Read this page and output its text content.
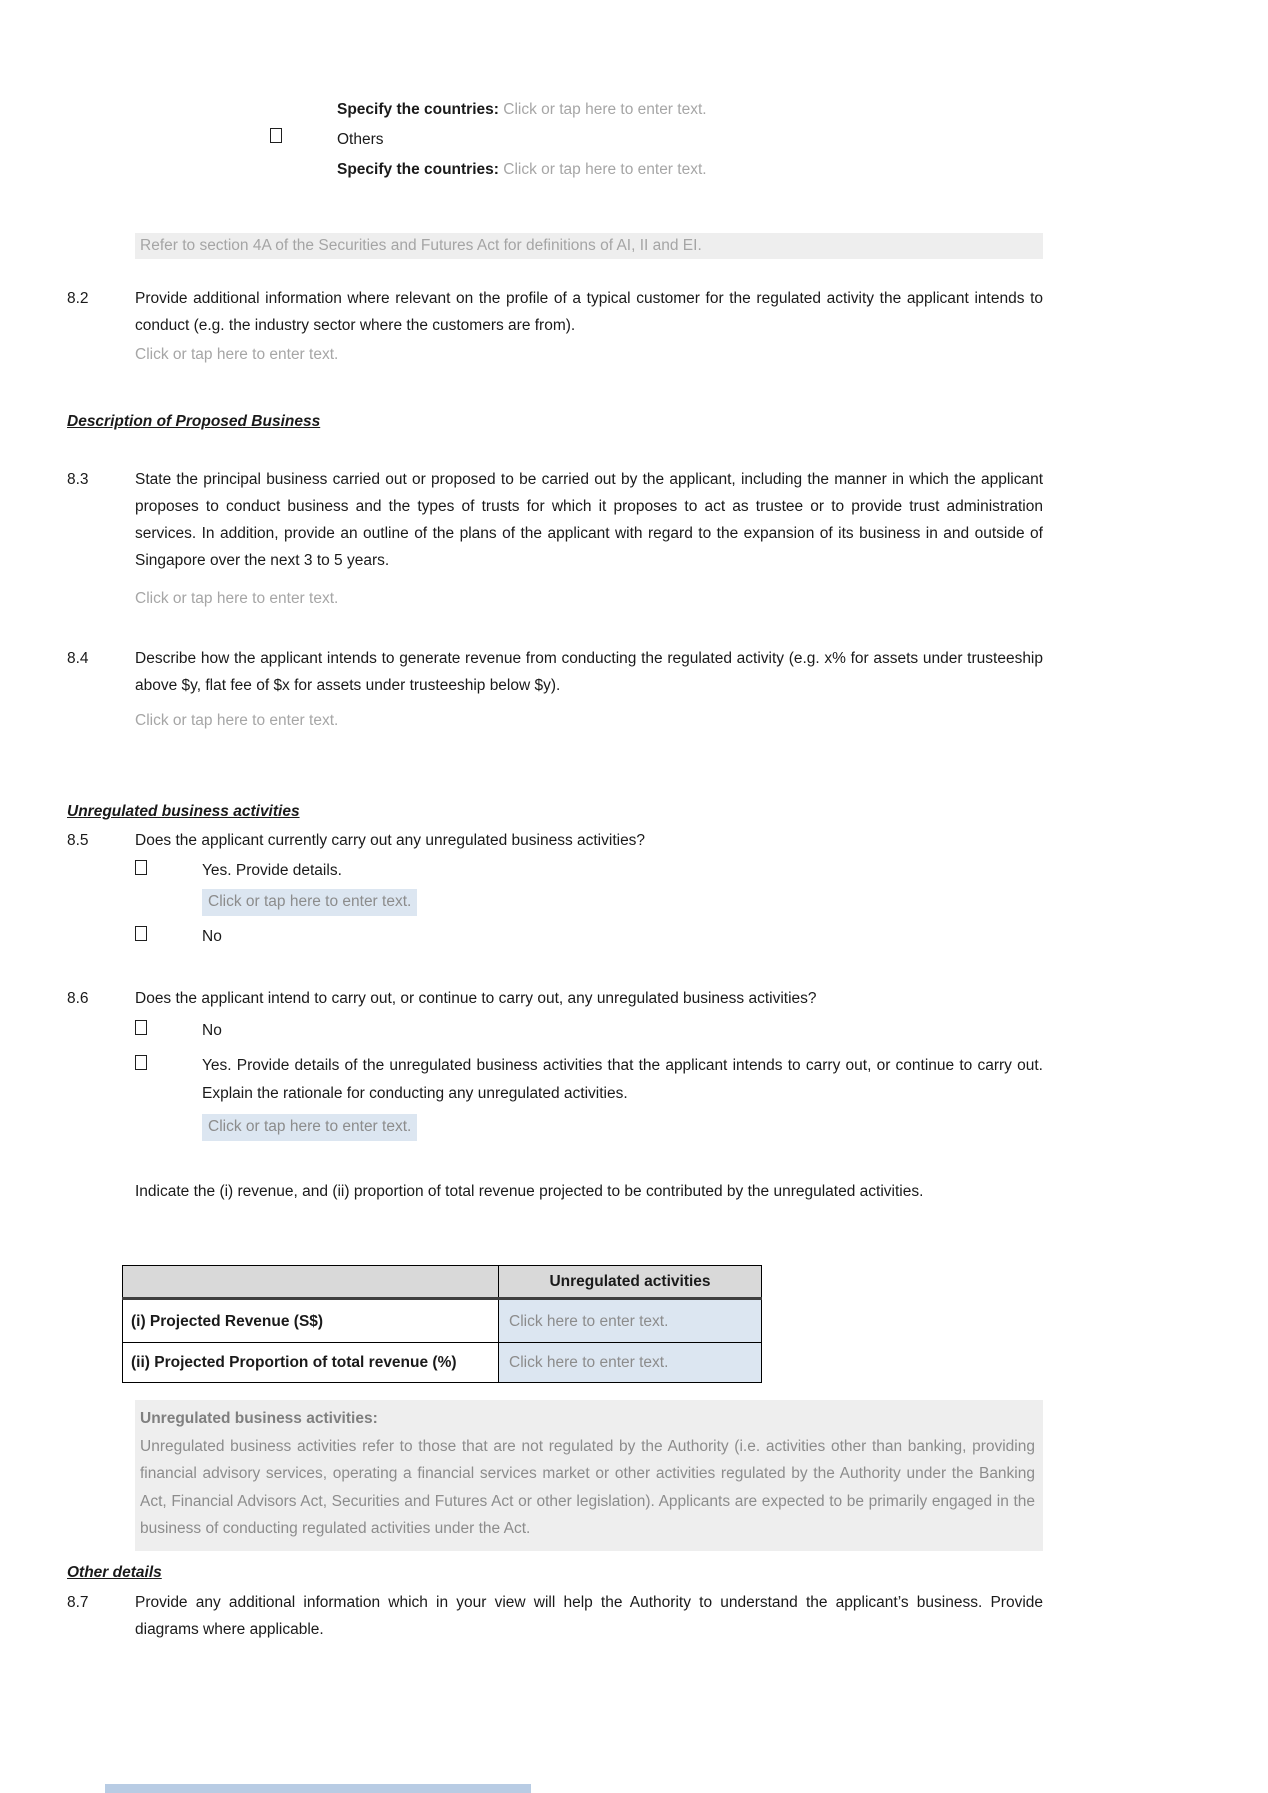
Specify the countries: Click or tap here to enter text.
Others
Specify the countries: Click or tap here to enter text.
Refer to section 4A of the Securities and Futures Act for definitions of AI, II and EI.
8.2	Provide additional information where relevant on the profile of a typical customer for the regulated activity the applicant intends to conduct (e.g. the industry sector where the customers are from).
Click or tap here to enter text.
Description of Proposed Business
8.3	State the principal business carried out or proposed to be carried out by the applicant, including the manner in which the applicant proposes to conduct business and the types of trusts for which it proposes to act as trustee or to provide trust administration services. In addition, provide an outline of the plans of the applicant with regard to the expansion of its business in and outside of Singapore over the next 3 to 5 years.
Click or tap here to enter text.
8.4	Describe how the applicant intends to generate revenue from conducting the regulated activity (e.g. x% for assets under trusteeship above $y, flat fee of $x for assets under trusteeship below $y).
Click or tap here to enter text.
Unregulated business activities
8.5	Does the applicant currently carry out any unregulated business activities?
Yes. Provide details.
Click or tap here to enter text.
No
8.6	Does the applicant intend to carry out, or continue to carry out, any unregulated business activities?
No
Yes. Provide details of the unregulated business activities that the applicant intends to carry out, or continue to carry out. Explain the rationale for conducting any unregulated activities.
Click or tap here to enter text.
Indicate the (i) revenue, and (ii) proportion of total revenue projected to be contributed by the unregulated activities.
	Unregulated activities
(i) Projected Revenue (S$)	Click here to enter text.
(ii) Projected Proportion of total revenue (%)	Click here to enter text.
Unregulated business activities:
Unregulated business activities refer to those that are not regulated by the Authority (i.e. activities other than banking, providing financial advisory services, operating a financial services market or other activities regulated by the Authority under the Banking Act, Financial Advisors Act, Securities and Futures Act or other legislation). Applicants are expected to be primarily engaged in the business of conducting regulated activities under the Act.
Other details
8.7	Provide any additional information which in your view will help the Authority to understand the applicant’s business. Provide diagrams where applicable.
